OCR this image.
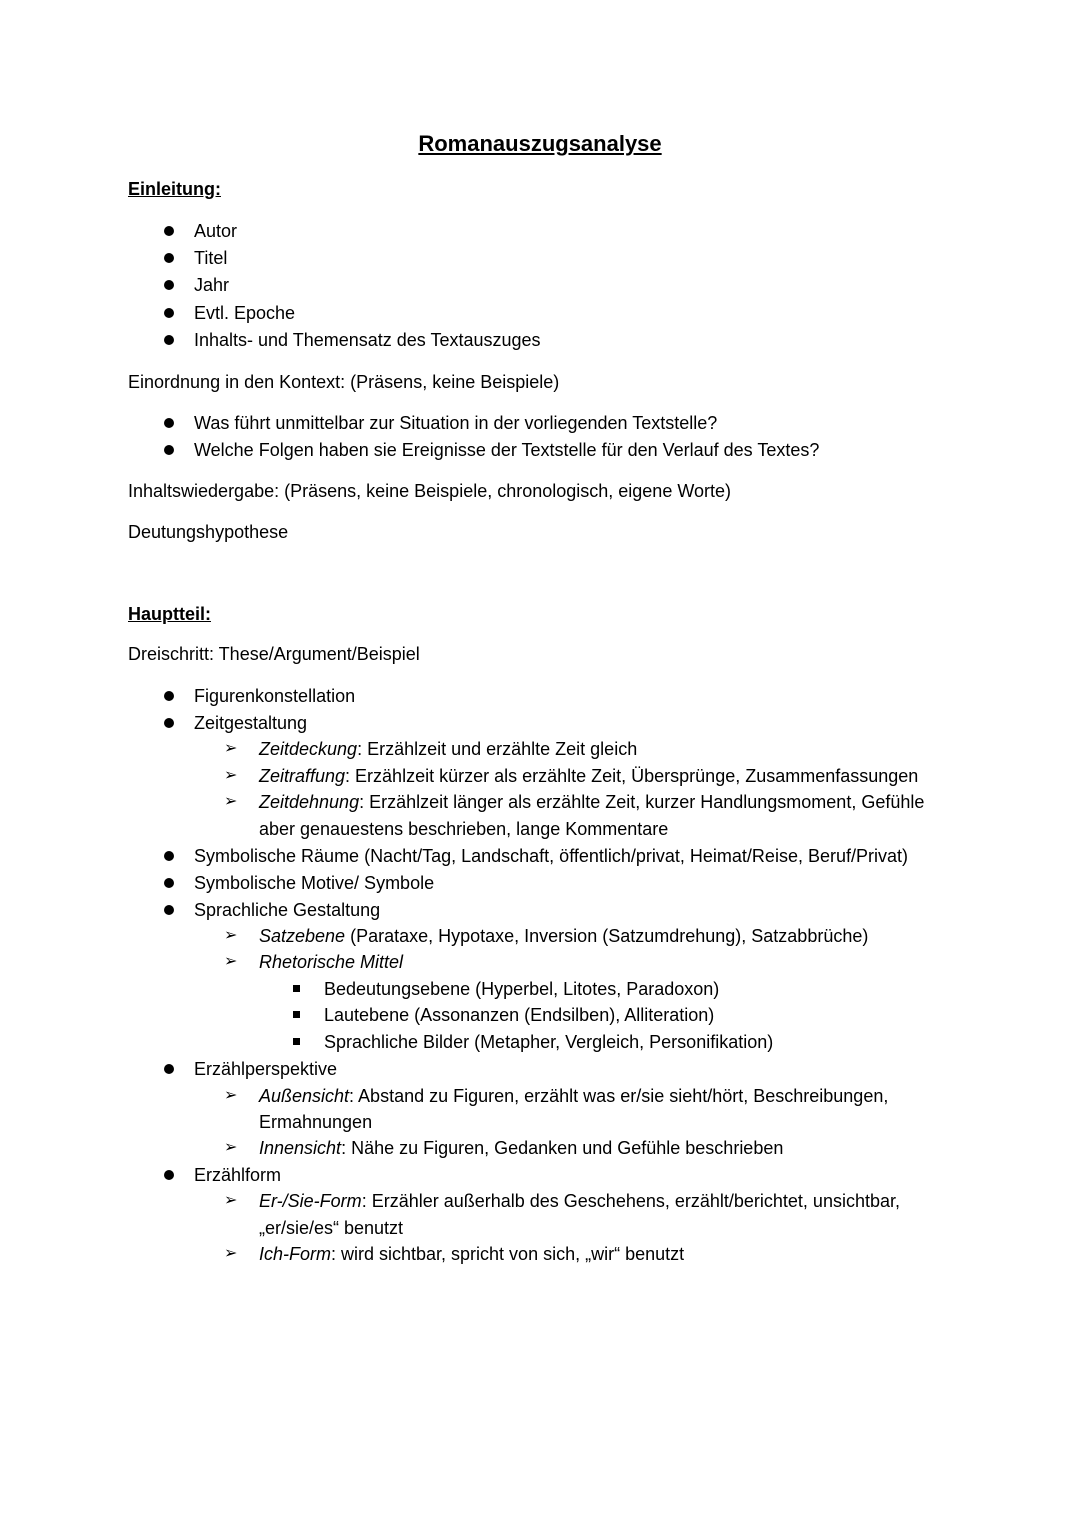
Romanauszugsanalyse

Einleitung:

Autor

Titel

Jahr

Evtl. Epoche

Inhalts- und Themensatz des Textauszuges

Einordnung in den Kontext: (Präsens, keine Beispiele)

Was führt unmittelbar zur Situation in der vorliegenden Textstelle?

Welche Folgen haben sie Ereignisse der Textstelle für den Verlauf des Textes?

Inhaltswiedergabe: (Präsens, keine Beispiele, chronologisch, eigene Worte)

Deutungshypothese

Hauptteil:

Dreischritt: These/Argument/Beispiel

Figurenkonstellation

Zeitgestaltung

➢ Zeitdeckung: Erzählzeit und erzählte Zeit gleich

➢ Zeitraffung: Erzählzeit kürzer als erzählte Zeit, Übersprünge, Zusammenfassungen

➢ Zeitdehnung: Erzählzeit länger als erzählte Zeit, kurzer Handlungsmoment, Gefühle

aber genauestens beschrieben, lange Kommentare

Symbolische Räume (Nacht/Tag, Landschaft, öffentlich/privat, Heimat/Reise, Beruf/Privat)

Symbolische Motive/ Symbole

Sprachliche Gestaltung

➢ Satzebene (Parataxe, Hypotaxe, Inversion (Satzumdrehung), Satzabbrüche)

➢ Rhetorische Mittel

Bedeutungsebene (Hyperbel, Litotes, Paradoxon)

Lautebene (Assonanzen (Endsilben), Alliteration)

Sprachliche Bilder (Metapher, Vergleich, Personifikation)

Erzählperspektive

➢ Außensicht: Abstand zu Figuren, erzählt was er/sie sieht/hört, Beschreibungen,

Ermahnungen

➢ Innensicht: Nähe zu Figuren, Gedanken und Gefühle beschrieben

Erzählform

➢ Er-/Sie-Form: Erzähler außerhalb des Geschehens, erzählt/berichtet, unsichtbar,

„er/sie/es“ benutzt

➢ Ich-Form: wird sichtbar, spricht von sich, „wir“ benutzt
